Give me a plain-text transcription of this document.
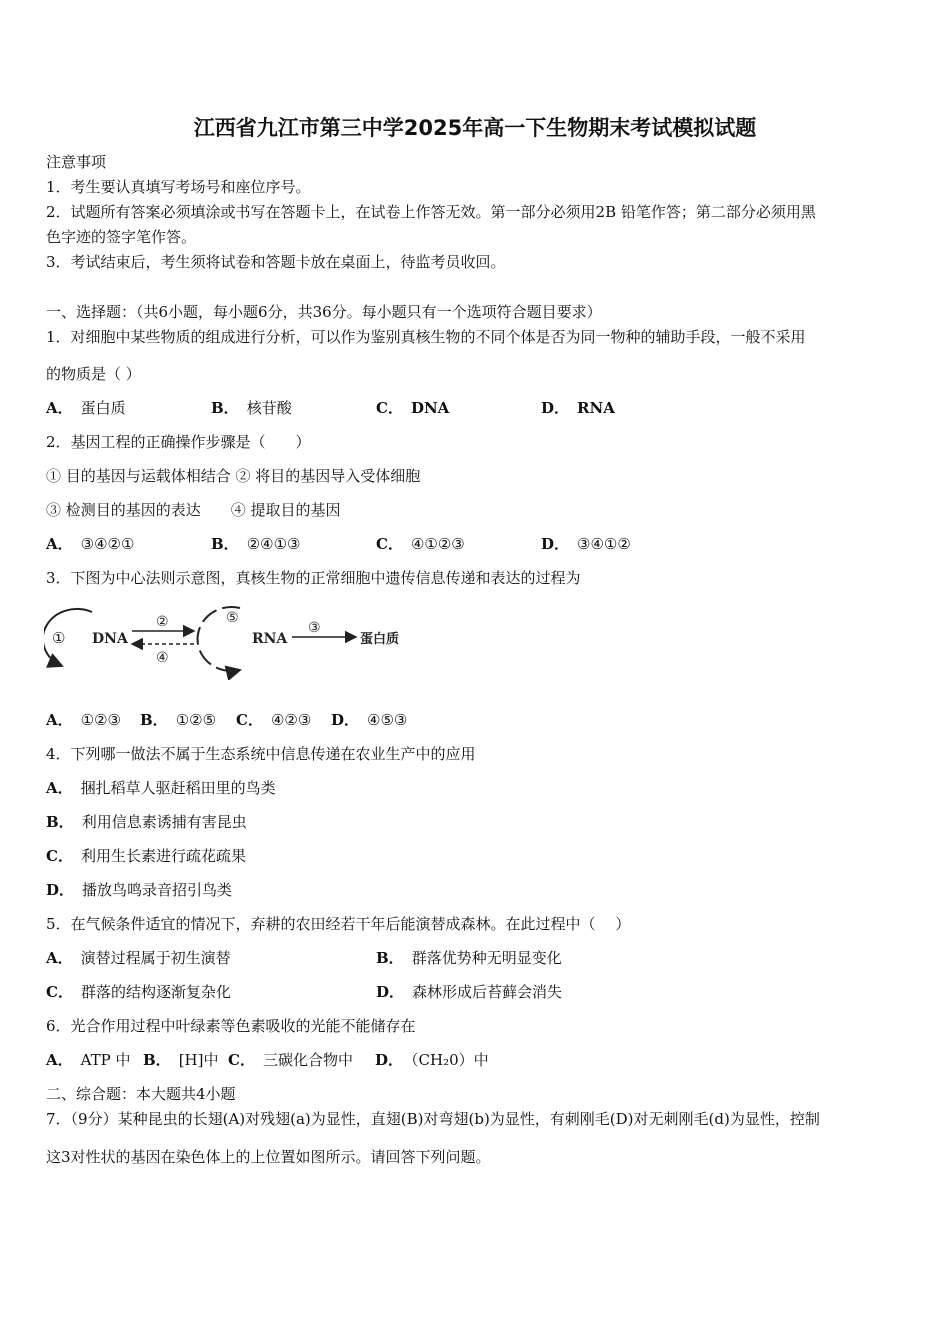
江西省九江市第三中学2025年高一下生物期末考试模拟试题
注意事项
1．考生要认真填写考场号和座位序号。
2．试题所有答案必须填涂或书写在答题卡上，在试卷上作答无效。第一部分必须用2B 铅笔作答；第二部分必须用黑
色字迹的签字笔作答。
3．考试结束后，考生须将试卷和答题卡放在桌面上，待监考员收回。
一、选择题：（共6小题，每小题6分，共36分。每小题只有一个选项符合题目要求）
1．对细胞中某些物质的组成进行分析，可以作为鉴别真核生物的不同个体是否为同一物种的辅助手段，一般不采用
的物质是（ ）
A． 蛋白质	B． 核苷酸	C． DNA	D． RNA
2．基因工程的正确操作步骤是（　　）
① 目的基因与运载体相结合 ② 将目的基因导入受体细胞
③ 检测目的基因的表达　　④ 提取目的基因
A． ③④②①	B． ②④①③	C． ④①②③	D． ③④①②
3．下图为中心法则示意图，真核生物的正常细胞中遗传信息传递和表达的过程为
① DNA
②
④
⑤
RNA
③
蛋白质
A． ①②③ B． ①②⑤ C． ④②③ D． ④⑤③
4．下列哪一做法不属于生态系统中信息传递在农业生产中的应用
A． 捆扎稻草人驱赶稻田里的鸟类
B． 利用信息素诱捕有害昆虫
C． 利用生长素进行疏花疏果
D． 播放鸟鸣录音招引鸟类
5．在气候条件适宜的情况下，弃耕的农田经若干年后能演替成森林。在此过程中（　 ）
A． 演替过程属于初生演替	B． 群落优势种无明显变化
C． 群落的结构逐渐复杂化	D． 森林形成后苔藓会消失
6．光合作用过程中叶绿素等色素吸收的光能不能储存在
A． ATP 中 B． [H]中 C． 三碳化合物中 D． （CH₂0）中
二、综合题：本大题共4小题
7．（9分）某种昆虫的长翅(A)对残翅(a)为显性，直翅(B)对弯翅(b)为显性，有刺刚毛(D)对无刺刚毛(d)为显性，控制
这3对性状的基因在染色体上的上位置如图所示。请回答下列问题。
